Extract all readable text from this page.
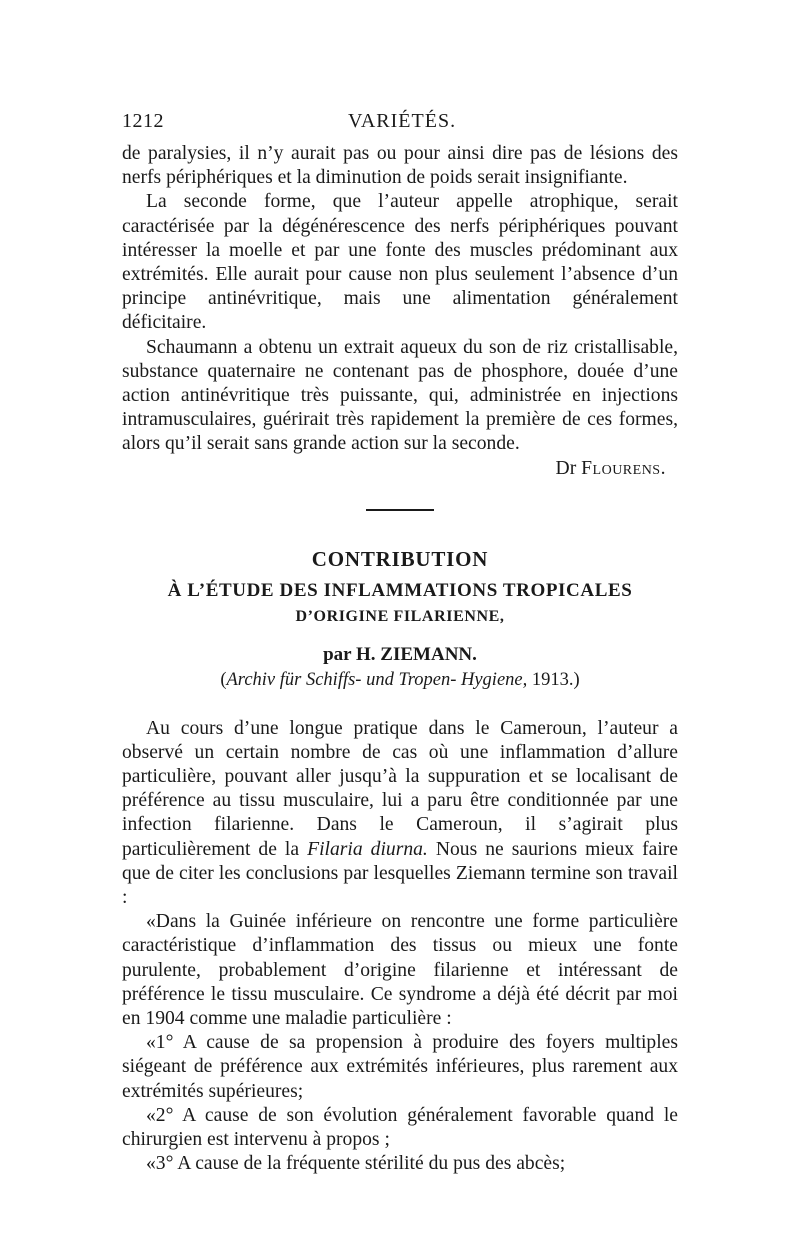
1212	VARIÉTÉS.

de paralysies, il n’y aurait pas ou pour ainsi dire pas de lésions des nerfs périphériques et la diminution de poids serait insignifiante.

La seconde forme, que l’auteur appelle atrophique, serait caractérisée par la dégénérescence des nerfs périphériques pouvant intéresser la moelle et par une fonte des muscles prédominant aux extrémités. Elle aurait pour cause non plus seulement l’absence d’un principe antinévritique, mais une alimentation généralement déficitaire.

Schaumann a obtenu un extrait aqueux du son de riz cristallisable, substance quaternaire ne contenant pas de phosphore, douée d’une action antinévritique très puissante, qui, administrée en injections intramusculaires, guérirait très rapidement la première de ces formes, alors qu’il serait sans grande action sur la seconde.

Dr Flourens.

CONTRIBUTION

À L’ÉTUDE DES INFLAMMATIONS TROPICALES

D’ORIGINE FILARIENNE,

par H. ZIEMANN.

(Archiv für Schiffs- und Tropen- Hygiene, 1913.)

Au cours d’une longue pratique dans le Cameroun, l’auteur a observé un certain nombre de cas où une inflammation d’allure particulière, pouvant aller jusqu’à la suppuration et se localisant de préférence au tissu musculaire, lui a paru être conditionnée par une infection filarienne. Dans le Cameroun, il s’agirait plus particulièrement de la Filaria diurna. Nous ne saurions mieux faire que de citer les conclusions par lesquelles Ziemann termine son travail :

«Dans la Guinée inférieure on rencontre une forme particulière caractéristique d’inflammation des tissus ou mieux une fonte purulente, probablement d’origine filarienne et intéressant de préférence le tissu musculaire. Ce syndrome a déjà été décrit par moi en 1904 comme une maladie particulière :

«1° A cause de sa propension à produire des foyers multiples siégeant de préférence aux extrémités inférieures, plus rarement aux extrémités supérieures;

«2° A cause de son évolution généralement favorable quand le chirurgien est intervenu à propos ;

«3° A cause de la fréquente stérilité du pus des abcès;
